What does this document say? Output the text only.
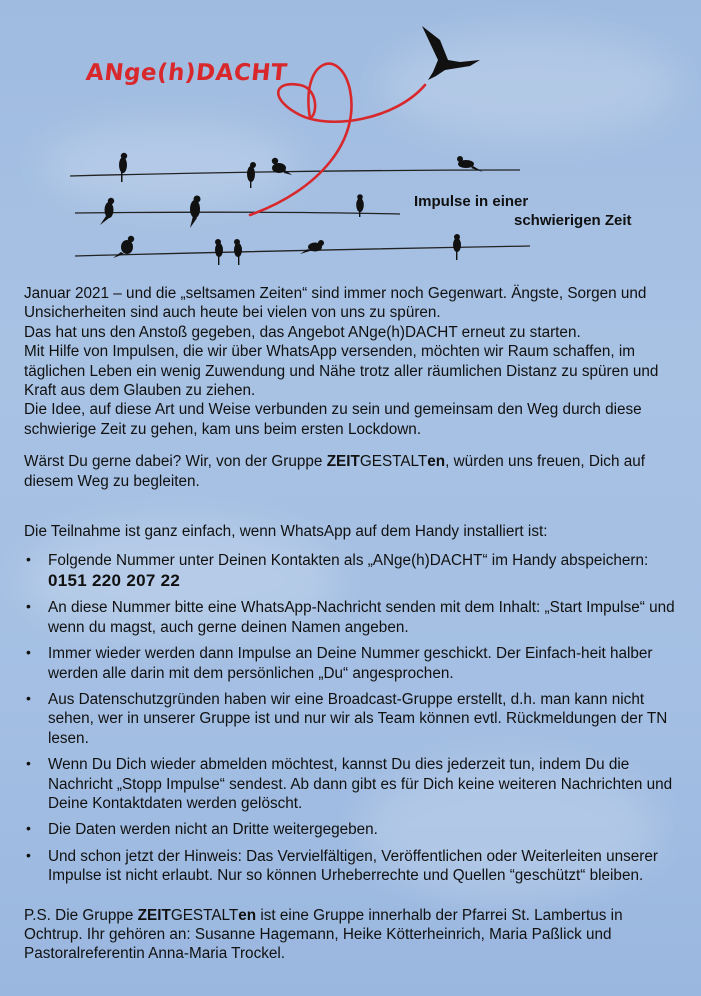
ANge(h)DACHT
Impulse in einer
schwierigen Zeit

Januar 2021 – und die „seltsamen Zeiten“ sind immer noch Gegenwart. Ängste, Sorgen und Unsicherheiten sind auch heute bei vielen von uns zu spüren.

Das hat uns den Anstoß gegeben, das Angebot ANge(h)DACHT erneut zu starten.

Mit Hilfe von Impulsen, die wir über WhatsApp versenden, möchten wir Raum schaffen, im täglichen Leben ein wenig Zuwendung und Nähe trotz aller räumlichen Distanz zu spüren und Kraft aus dem Glauben zu ziehen.

Die Idee, auf diese Art und Weise verbunden zu sein und gemeinsam den Weg durch diese schwierige Zeit zu gehen, kam uns beim ersten Lockdown.

Wärst Du gerne dabei? Wir, von der Gruppe ZEITGESTALTen, würden uns freuen, Dich auf diesem Weg zu begleiten.

Die Teilnahme ist ganz einfach, wenn WhatsApp auf dem Handy installiert ist:

• Folgende Nummer unter Deinen Kontakten als „ANge(h)DACHT“ im Handy abspeichern: 0151 220 207 22
• An diese Nummer bitte eine WhatsApp-Nachricht senden mit dem Inhalt: „Start Impulse“ und wenn du magst, auch gerne deinen Namen angeben.
• Immer wieder werden dann Impulse an Deine Nummer geschickt. Der Einfach-heit halber werden alle darin mit dem persönlichen „Du“ angesprochen.
• Aus Datenschutzgründen haben wir eine Broadcast-Gruppe erstellt, d.h. man kann nicht sehen, wer in unserer Gruppe ist und nur wir als Team können evtl. Rückmeldungen der TN lesen.
• Wenn Du Dich wieder abmelden möchtest, kannst Du dies jederzeit tun, indem Du die Nachricht „Stopp Impulse“ sendest. Ab dann gibt es für Dich keine weiteren Nachrichten und Deine Kontaktdaten werden gelöscht.
• Die Daten werden nicht an Dritte weitergegeben.
• Und schon jetzt der Hinweis: Das Vervielfältigen, Veröffentlichen oder Weiterleiten unserer Impulse ist nicht erlaubt. Nur so können Urheberrechte und Quellen “geschützt“ bleiben.

P.S. Die Gruppe ZEITGESTALTen ist eine Gruppe innerhalb der Pfarrei St. Lambertus in Ochtrup. Ihr gehören an: Susanne Hagemann, Heike Kötterheinrich, Maria Paßlick und Pastoralreferentin Anna-Maria Trockel.
